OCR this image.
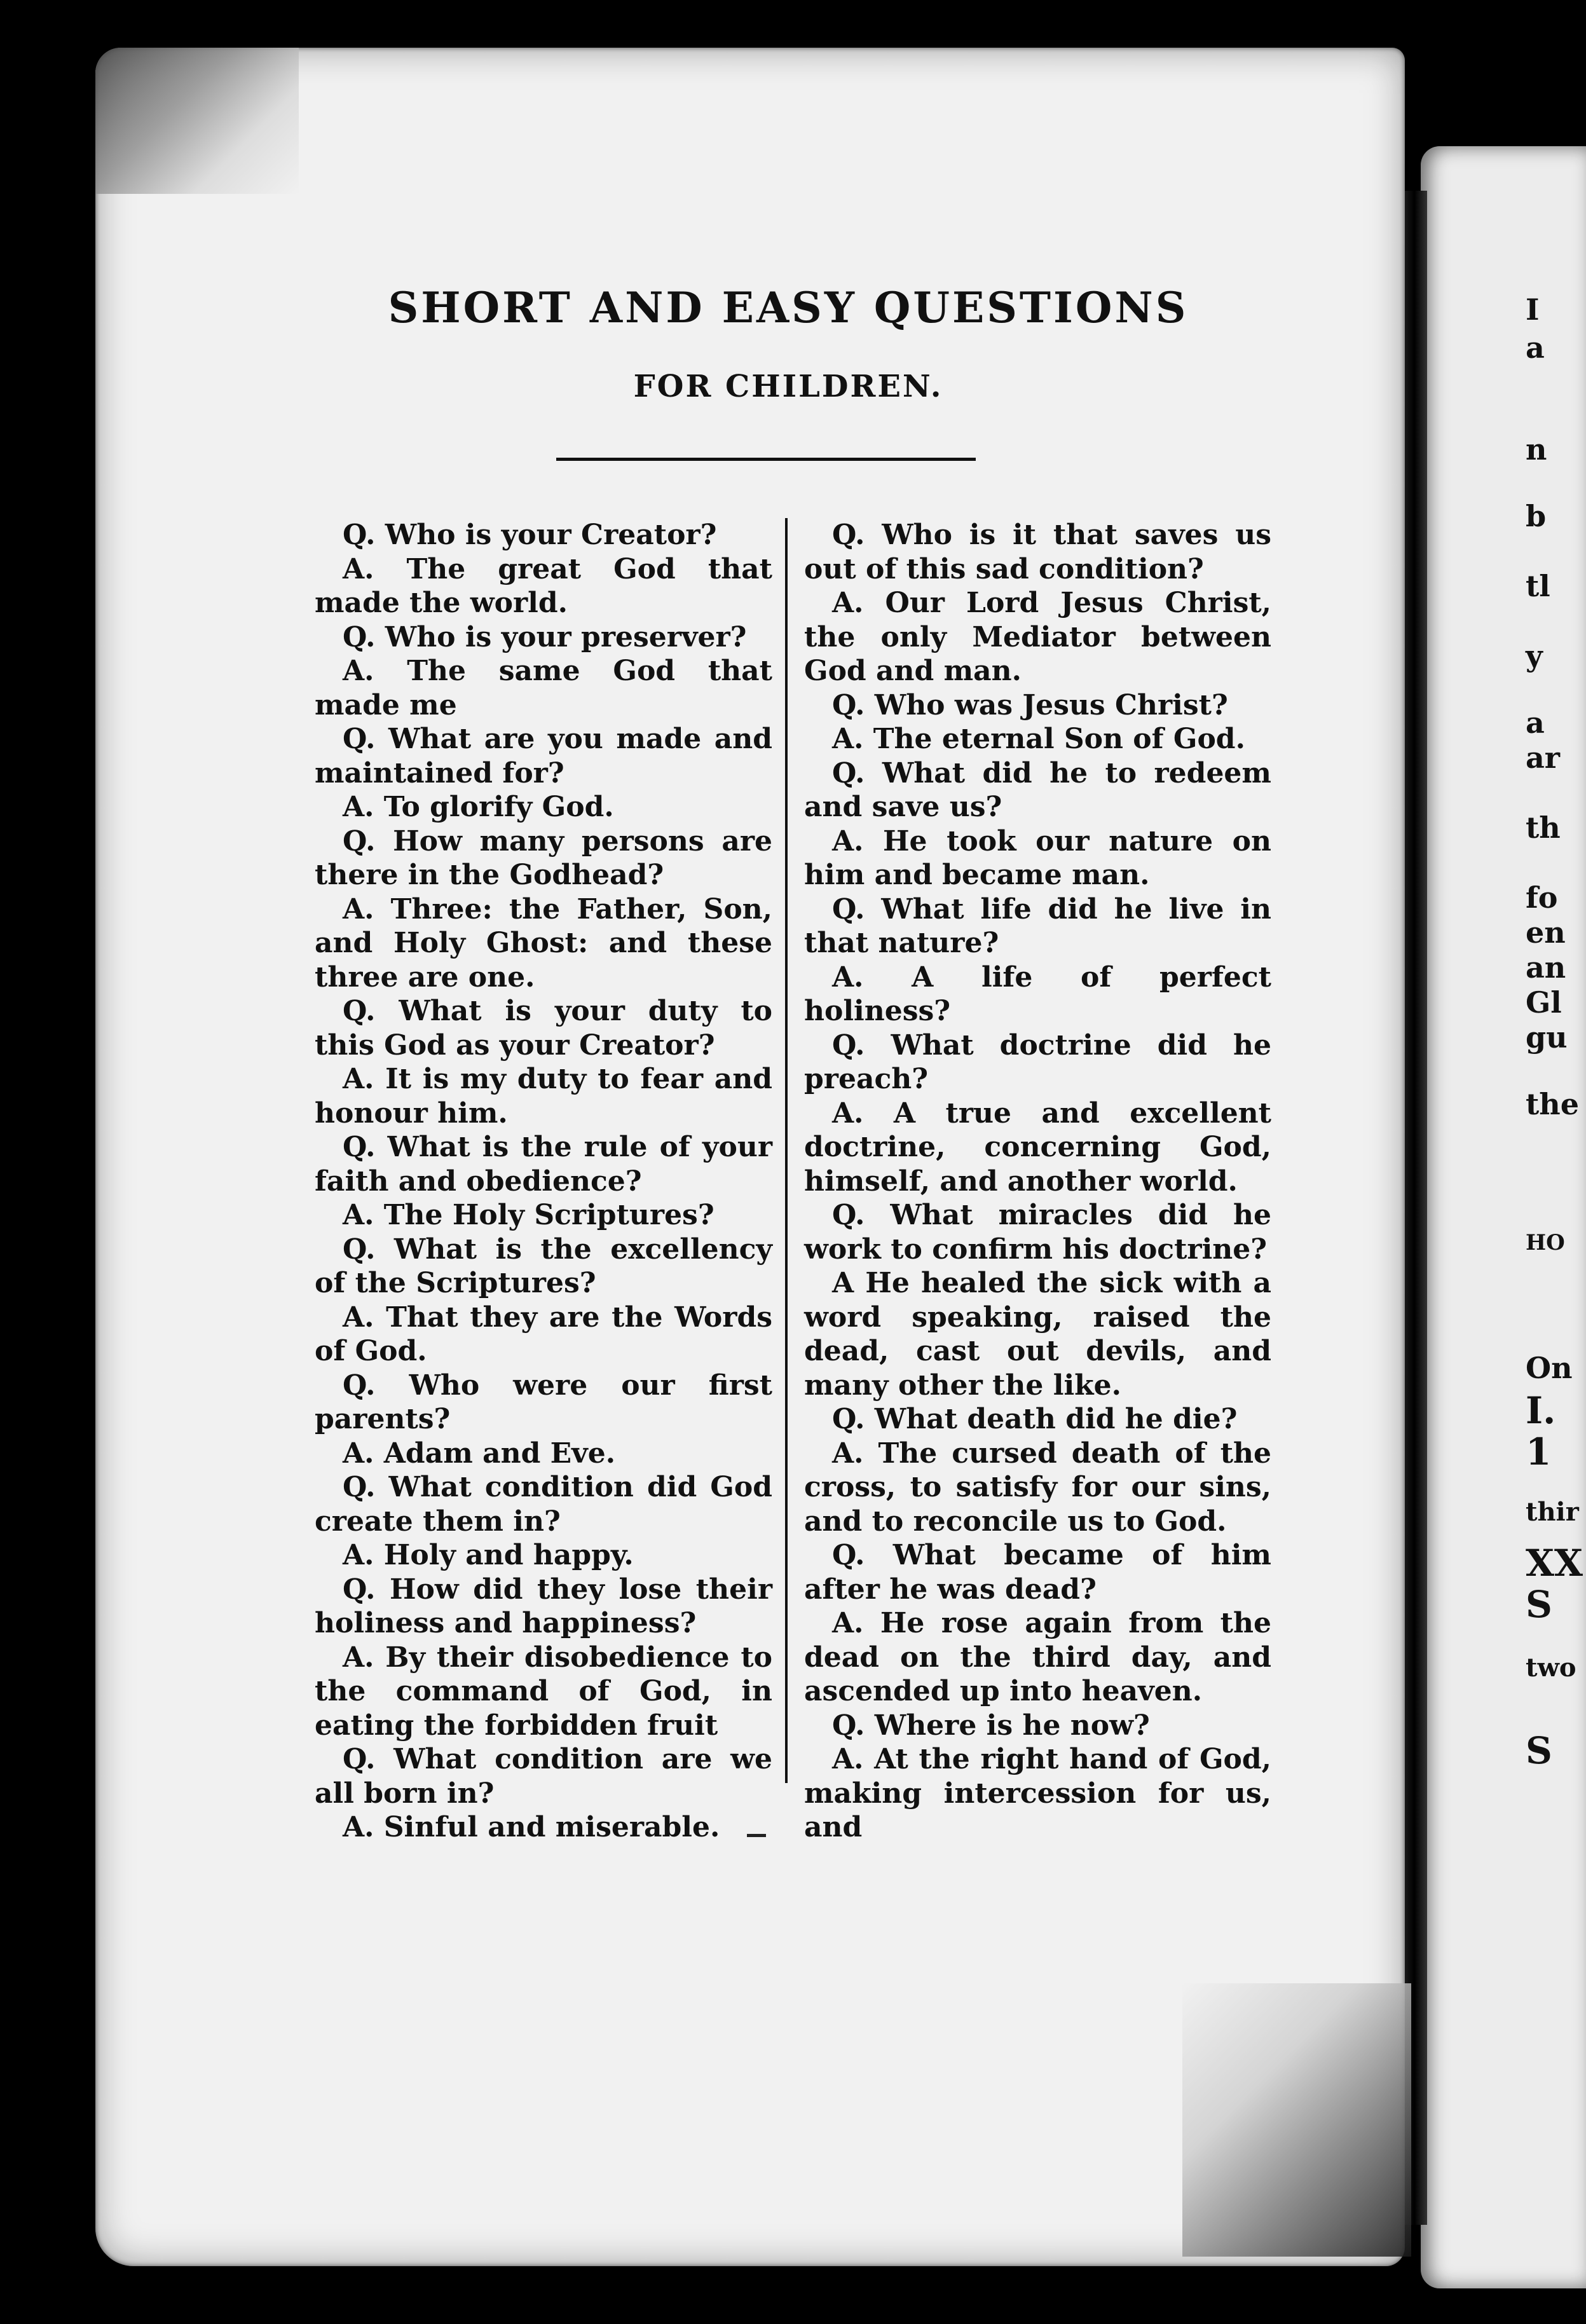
I
a
n
b
tl
y
a
ar
th
fo
en
an
Gl
gu
the
HO
On
I.
1
thir
XX
S
two
S
SHORT AND EASY QUESTIONS
FOR CHILDREN.

Q. Who is your Creator?

A. The great God that made the world.

Q. Who is your preserver?

A. The same God that made me

Q. What are you made and maintained for?

A. To glorify God.

Q. How many persons are there in the Godhead?

A. Three: the Father, Son, and Holy Ghost: and these three are one.

Q. What is your duty to this God as your Creator?

A. It is my duty to fear and honour him.

Q. What is the rule of your faith and obedience?

A. The Holy Scriptures?

Q. What is the excellency of the Scriptures?

A. That they are the Words of God.

Q. Who were our first parents?

A. Adam and Eve.

Q. What condition did God create them in?

A. Holy and happy.

Q. How did they lose their holiness and happiness?

A. By their disobedience to the command of God, in eating the forbidden fruit

Q. What condition are we all born in?

A. Sinful and miserable.

Q. Who is it that saves us out of this sad condition?

A. Our Lord Jesus Christ, the only Mediator between God and man.

Q. Who was Jesus Christ?

A. The eternal Son of God.

Q. What did he to redeem and save us?

A. He took our nature on him and became man.

Q. What life did he live in that nature?

A. A life of perfect holiness?

Q. What doctrine did he preach?

A. A true and excellent doctrine, concerning God, himself, and another world.

Q. What miracles did he work to confirm his doctrine?

A He healed the sick with a word speaking, raised the dead, cast out devils, and many other the like.

Q. What death did he die?

A. The cursed death of the cross, to satisfy for our sins, and to reconcile us to God.

Q. What became of him after he was dead?

A. He rose again from the dead on the third day, and ascended up into heaven.

Q. Where is he now?

A. At the right hand of God, making intercession for us, and
